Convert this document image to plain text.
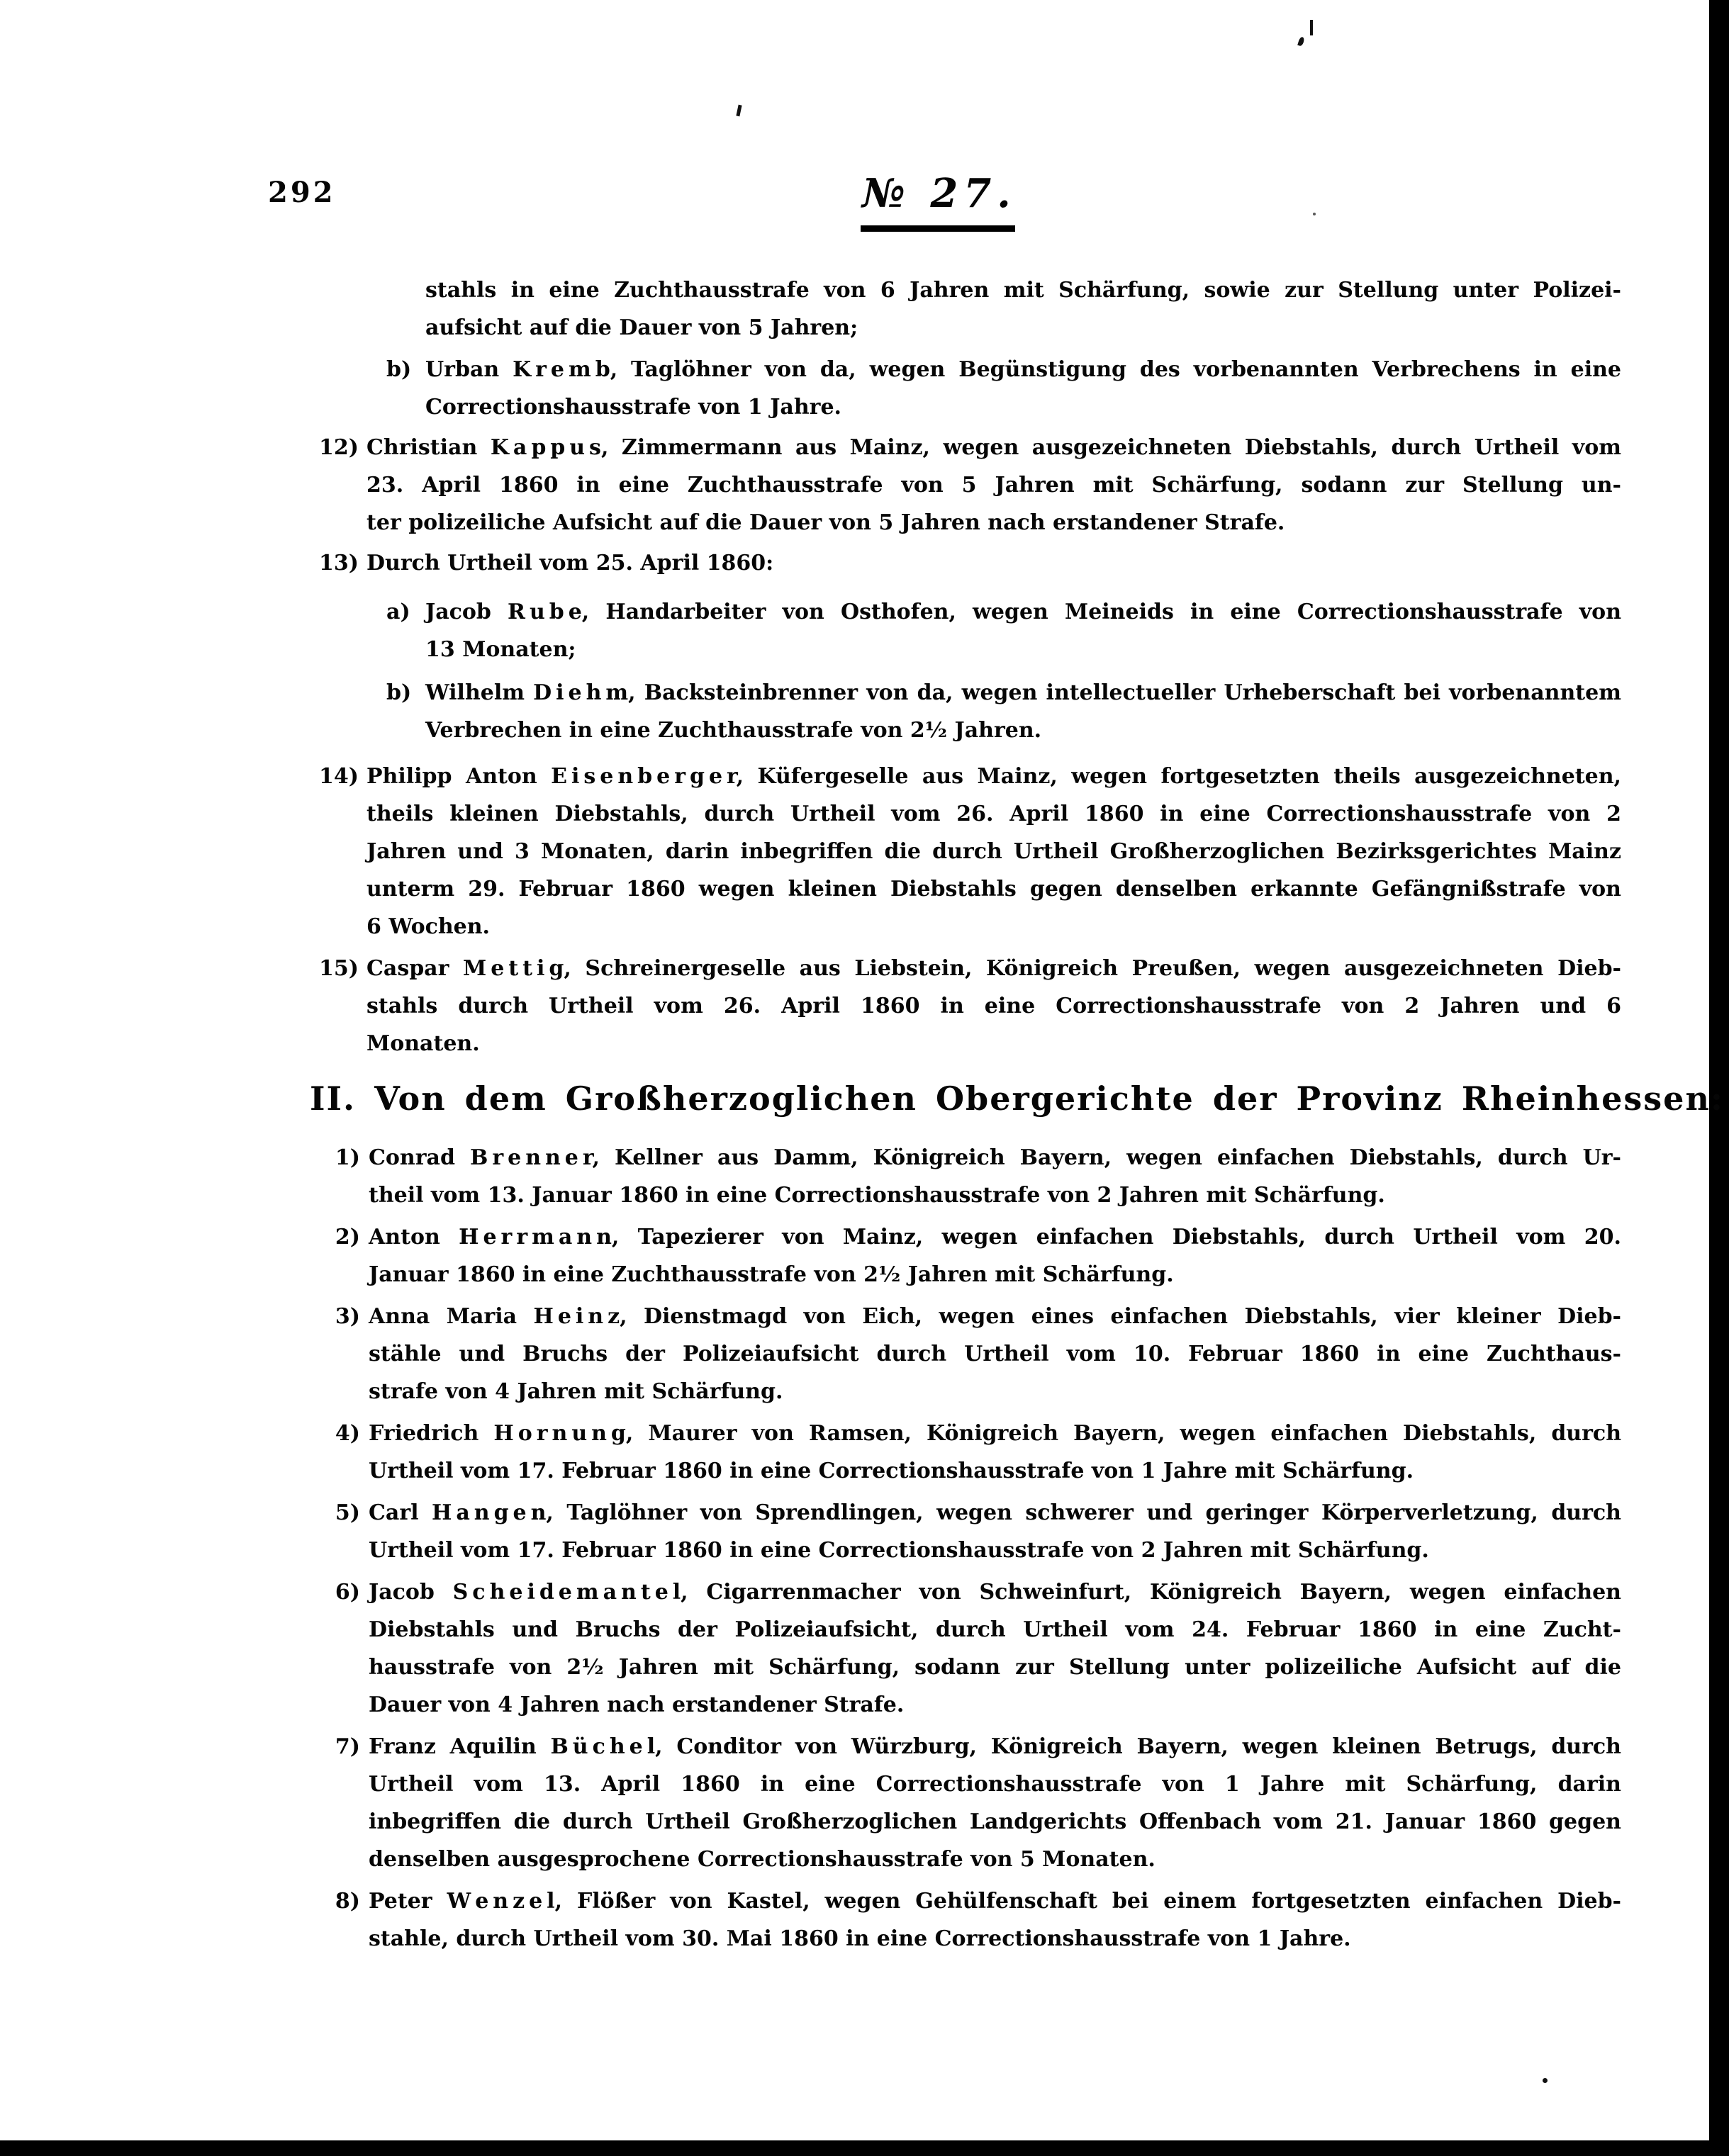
292	№ 27.
stahls in eine Zuchthausstrafe von 6 Jahren mit Schärfung, sowie zur Stellung unter Polizei-
aufsicht auf die Dauer von 5 Jahren;
b) Urban K r e m b, Taglöhner von da, wegen Begünstigung des vorbenannten Verbrechens in eine
Correctionshausstrafe von 1 Jahre.
12) Christian K a p p u s, Zimmermann aus Mainz, wegen ausgezeichneten Diebstahls, durch Urtheil vom
23. April 1860 in eine Zuchthausstrafe von 5 Jahren mit Schärfung, sodann zur Stellung un-
ter polizeiliche Aufsicht auf die Dauer von 5 Jahren nach erstandener Strafe.
13) Durch Urtheil vom 25. April 1860:
a) Jacob R u b e, Handarbeiter von Osthofen, wegen Meineids in eine Correctionshausstrafe von
13 Monaten;
b) Wilhelm D i e h m, Backsteinbrenner von da, wegen intellectueller Urheberschaft bei vorbenanntem
Verbrechen in eine Zuchthausstrafe von 2½ Jahren.
14) Philipp Anton E i s e n b e r g e r, Küfergeselle aus Mainz, wegen fortgesetzten theils ausgezeichneten,
theils kleinen Diebstahls, durch Urtheil vom 26. April 1860 in eine Correctionshausstrafe von 2
Jahren und 3 Monaten, darin inbegriffen die durch Urtheil Großherzoglichen Bezirksgerichtes Mainz
unterm 29. Februar 1860 wegen kleinen Diebstahls gegen denselben erkannte Gefängnißstrafe von
6 Wochen.
15) Caspar M e t t i g, Schreinergeselle aus Liebstein, Königreich Preußen, wegen ausgezeichneten Dieb-
stahls durch Urtheil vom 26. April 1860 in eine Correctionshausstrafe von 2 Jahren und 6
Monaten.
II. Von dem Großherzoglichen Obergerichte der Provinz Rheinhessen:
1) Conrad B r e n n e r, Kellner aus Damm, Königreich Bayern, wegen einfachen Diebstahls, durch Ur-
theil vom 13. Januar 1860 in eine Correctionshausstrafe von 2 Jahren mit Schärfung.
2) Anton H e r r m a n n, Tapezierer von Mainz, wegen einfachen Diebstahls, durch Urtheil vom 20.
Januar 1860 in eine Zuchthausstrafe von 2½ Jahren mit Schärfung.
3) Anna Maria H e i n z, Dienstmagd von Eich, wegen eines einfachen Diebstahls, vier kleiner Dieb-
stähle und Bruchs der Polizeiaufsicht durch Urtheil vom 10. Februar 1860 in eine Zuchthaus-
strafe von 4 Jahren mit Schärfung.
4) Friedrich H o r n u n g, Maurer von Ramsen, Königreich Bayern, wegen einfachen Diebstahls, durch
Urtheil vom 17. Februar 1860 in eine Correctionshausstrafe von 1 Jahre mit Schärfung.
5) Carl H a n g e n, Taglöhner von Sprendlingen, wegen schwerer und geringer Körperverletzung, durch
Urtheil vom 17. Februar 1860 in eine Correctionshausstrafe von 2 Jahren mit Schärfung.
6) Jacob S c h e i d e m a n t e l, Cigarrenmacher von Schweinfurt, Königreich Bayern, wegen einfachen
Diebstahls und Bruchs der Polizeiaufsicht, durch Urtheil vom 24. Februar 1860 in eine Zucht-
hausstrafe von 2½ Jahren mit Schärfung, sodann zur Stellung unter polizeiliche Aufsicht auf die
Dauer von 4 Jahren nach erstandener Strafe.
7) Franz Aquilin B ü c h e l, Conditor von Würzburg, Königreich Bayern, wegen kleinen Betrugs, durch
Urtheil vom 13. April 1860 in eine Correctionshausstrafe von 1 Jahre mit Schärfung, darin
inbegriffen die durch Urtheil Großherzoglichen Landgerichts Offenbach vom 21. Januar 1860 gegen
denselben ausgesprochene Correctionshausstrafe von 5 Monaten.
8) Peter W e n z e l, Flößer von Kastel, wegen Gehülfenschaft bei einem fortgesetzten einfachen Dieb-
stahle, durch Urtheil vom 30. Mai 1860 in eine Correctionshausstrafe von 1 Jahre.
